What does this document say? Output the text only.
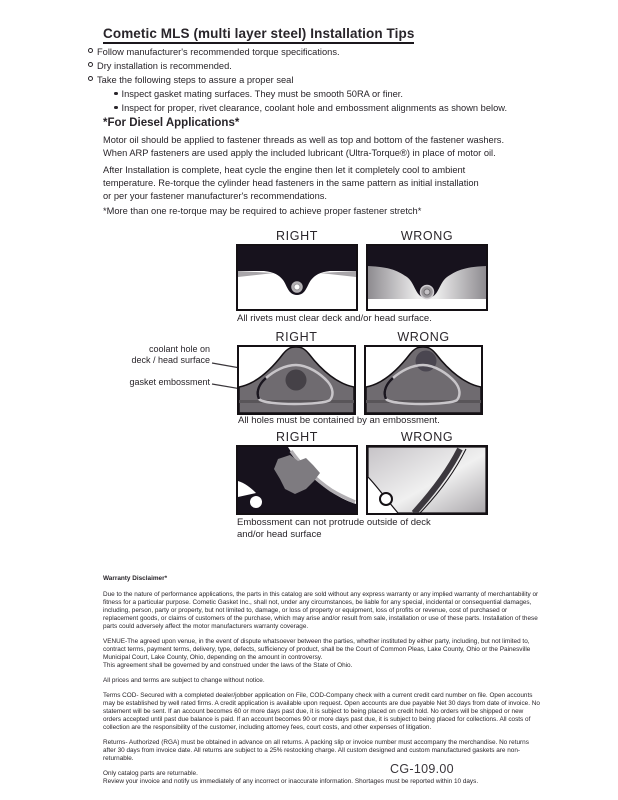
Cometic MLS (multi layer steel) Installation Tips
Follow manufacturer's recommended torque specifications.
Dry installation is recommended.
Take the following steps to assure a proper seal
Inspect gasket mating surfaces. They must be smooth 50RA or finer.
Inspect for proper, rivet clearance, coolant hole and embossment alignments as shown below.
*For Diesel Applications*
Motor oil should be applied to fastener threads as well as top and bottom of the fastener washers.
When ARP fasteners are used apply the included lubricant (Ultra-Torque®) in place of motor oil.
After Installation is complete, heat cycle the engine then let it completely cool to ambient
temperature. Re-torque the cylinder head fasteners in the same pattern as initial installation
or per your fastener manufacturer's recommendations.
*More than one re-torque may be required to achieve proper fastener stretch*
RIGHT	WRONG
All rivets must clear deck and/or head surface.
coolant hole on
deck / head surface
gasket embossment
RIGHT	WRONG
All holes must be contained by an embossment.
RIGHT	WRONG
Embossment can not protrude outside of deck
and/or head surface
Warranty Disclaimer*
Due to the nature of performance applications, the parts in this catalog are sold without any express warranty or any implied warranty of merchantability or fitness for a particular purpose. Cometic Gasket Inc., shall not, under any circumstances, be liable for any special, incidental or consequential damages, including, person, party or property, but not limited to, damage, or loss of property or equipment, loss of profits or revenue, cost of purchased or replacement goods, or claims of customers of the purchase, which may arise and/or result from sale, installation or use of these parts. Installation of these parts could adversely affect the motor manufacturers warranty coverage.
VENUE-The agreed upon venue, in the event of dispute whatsoever between the parties, whether instituted by either party, including, but not limited to, contract terms, payment terms, delivery, type, defects, sufficiency of product, shall be the Court of Common Pleas, Lake County, Ohio or the Painesville Municipal Court, Lake County, Ohio, depending on the amount in controversy.
This agreement shall be governed by and construed under the laws of the State of Ohio.
All prices and terms are subject to change without notice.
Terms COD- Secured with a completed dealer/jobber application on File, COD-Company check with a current credit card number on file. Open accounts may be established by well rated firms. A credit application is available upon request. Open accounts are due payable Net 30 days from date of invoice. No statement will be sent. If an account becomes 60 or more days past due, it is subject to being placed on credit hold. No orders will be shipped or new orders accepted until past due balance is paid. If an account becomes 90 or more days past due, it is subject to being placed for collections. All costs of collection are the responsibility of the customer, including attorney fees, court costs, and other expenses of litigation.
Returns- Authorized (RGA) must be obtained in advance on all returns. A packing slip or invoice number must accompany the merchandise. No returns after 30 days from invoice date. All returns are subject to a 25% restocking charge. All custom designed and custom manufactured gaskets are non-returnable.
Only catalog parts are returnable.
Review your invoice and notify us immediately of any incorrect or inaccurate information. Shortages must be reported within 10 days.
CG-109.00
